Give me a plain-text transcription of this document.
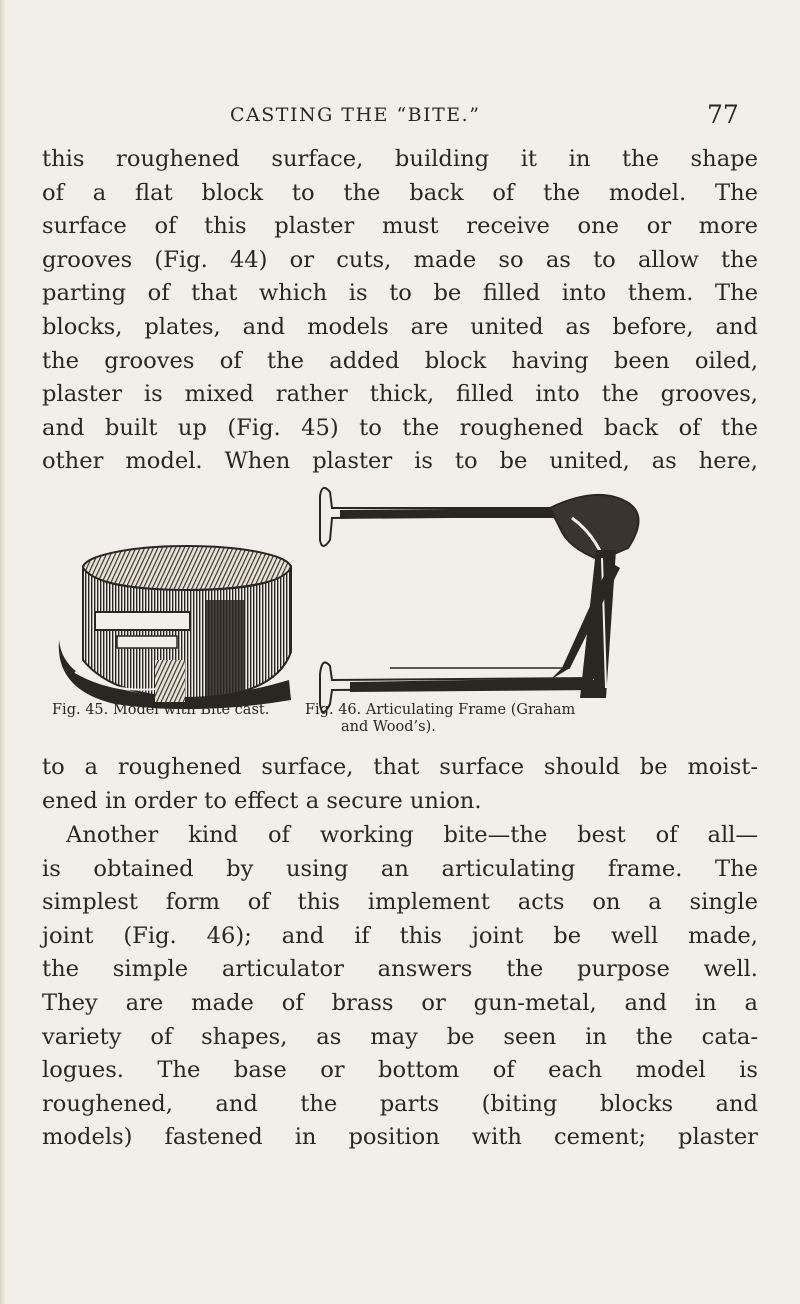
CASTING THE “BITE.”	77
this roughened surface, building it in the shape
of a flat block to the back of the model. The
surface of this plaster must receive one or more
grooves (Fig. 44) or cuts, made so as to allow the
parting of that which is to be filled into them. The
blocks, plates, and models are united as before, and
the grooves of the added block having been oiled,
plaster is mixed rather thick, filled into the grooves,
and built up (Fig. 45) to the roughened back of the
other model. When plaster is to be united, as here,
Fig. 45. Model with Bite cast. Fig. 46. Articulating Frame (Graham
and Wood’s).
to a roughened surface, that surface should be moist-
ened in order to effect a secure union.
Another kind of working bite—the best of all—
is obtained by using an articulating frame. The
simplest form of this implement acts on a single
joint (Fig. 46); and if this joint be well made,
the simple articulator answers the purpose well.
They are made of brass or gun-metal, and in a
variety of shapes, as may be seen in the cata-
logues. The base or bottom of each model is
roughened, and the parts (biting blocks and
models) fastened in position with cement; plaster
